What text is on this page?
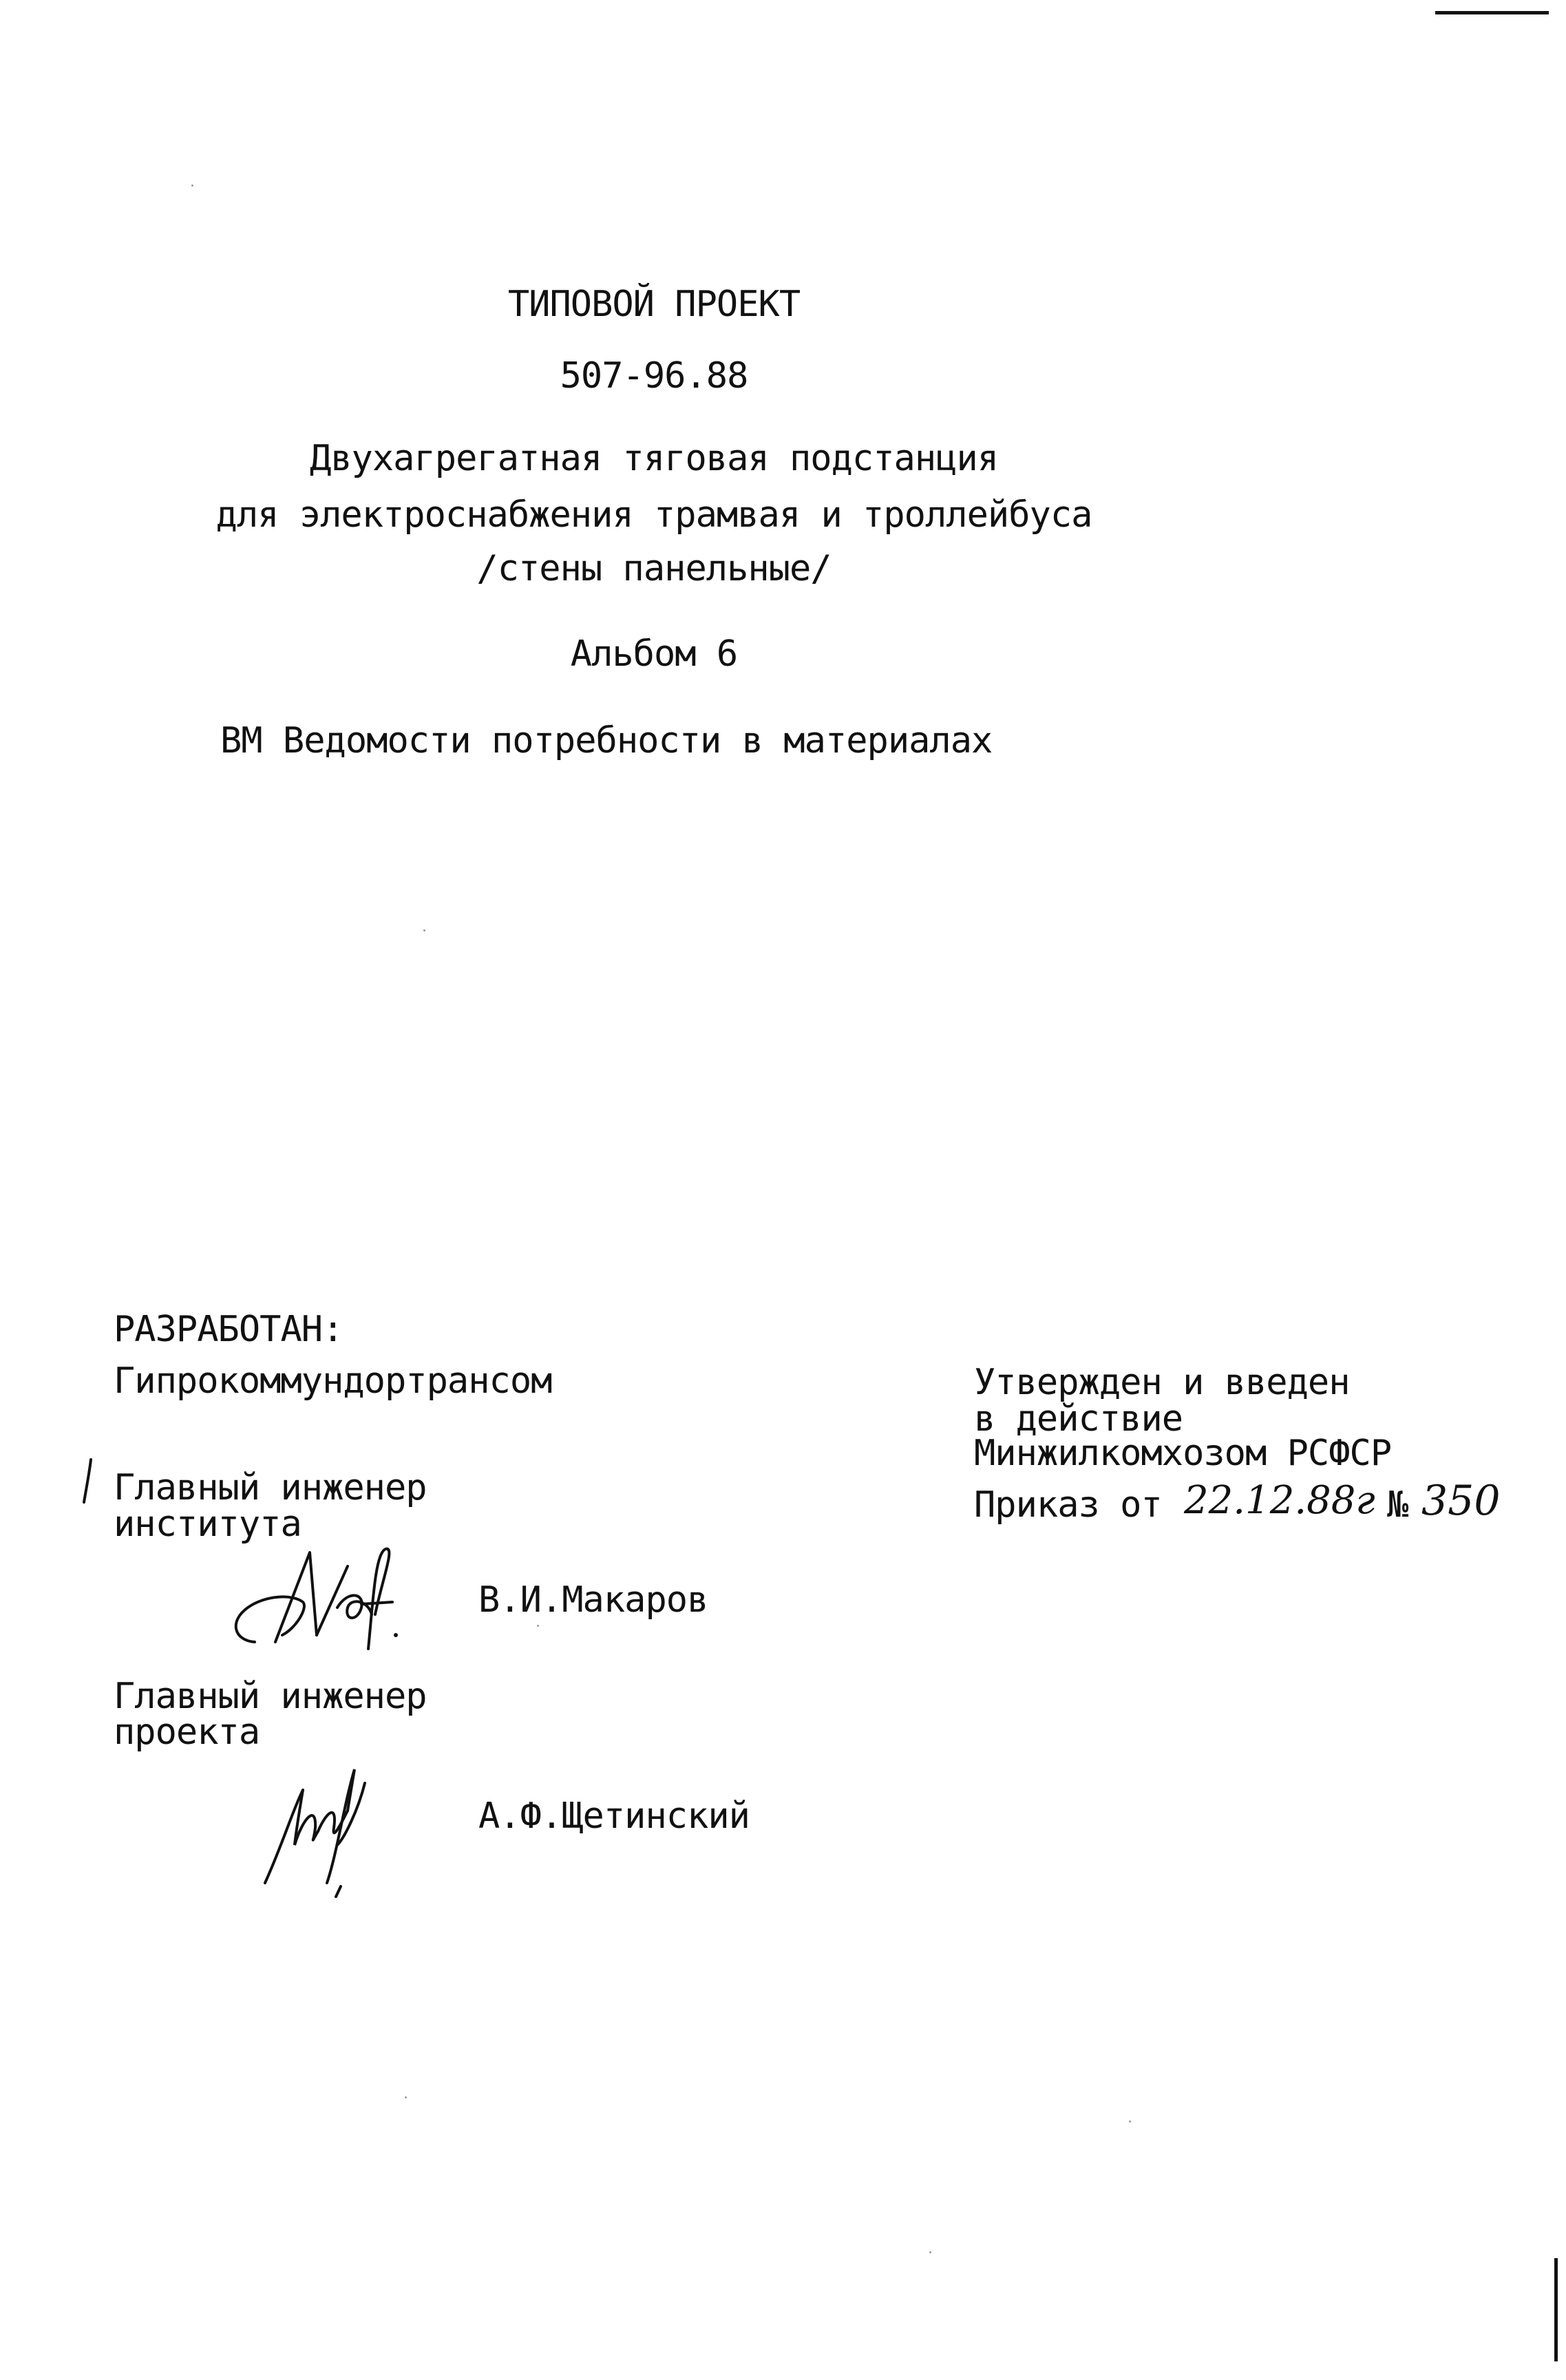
ТИПОВОЙ ПРОЕКТ
507-96.88
Двухагрегатная тяговая подстанция
для электроснабжения трамвая и троллейбуса
/стены панельные/
Альбом 6
ВМ Ведомости потребности в материалах
РАЗРАБОТАН:
Гипрокоммундортрансом
Главный инженер
института
В.И.Макаров
Главный инженер
проекта
А.Ф.Щетинский
Утвержден и введен
в действие
Минжилкомхозом РСФСР
Приказ от 22.12.88г № 350
